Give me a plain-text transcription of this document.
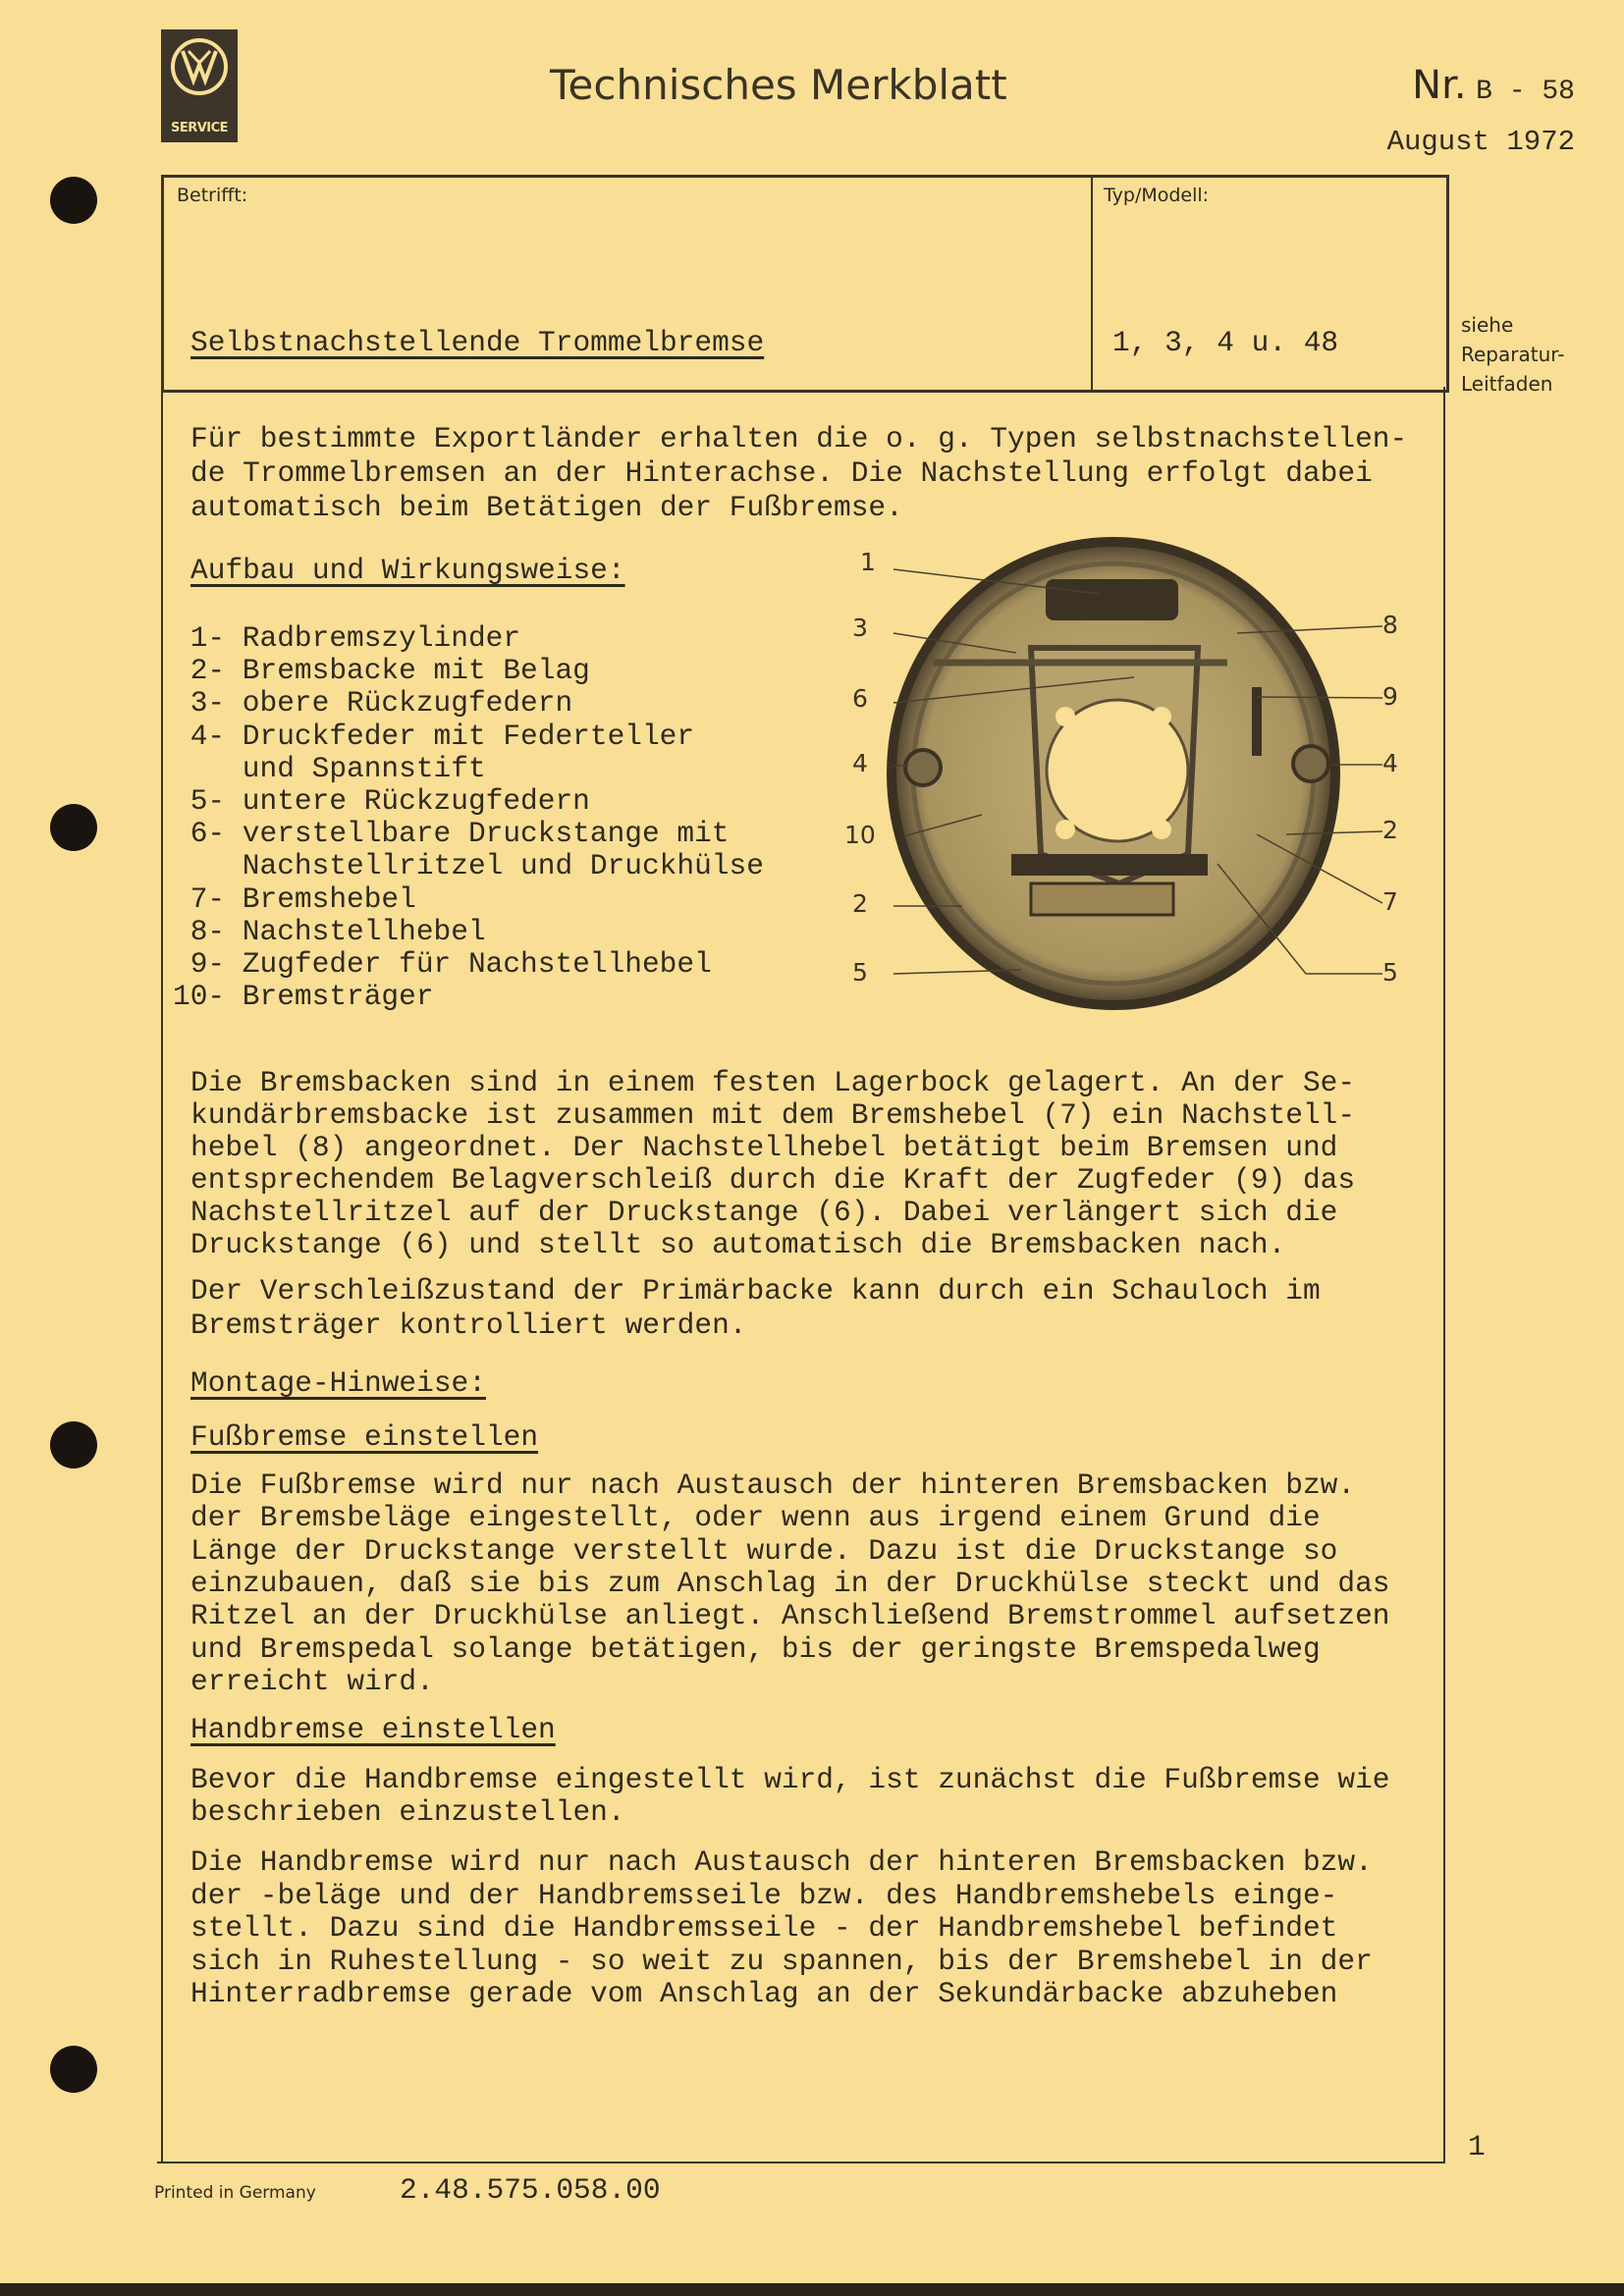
SERVICE
Technisches Merkblatt	Nr. B - 58
August 1972
Betrifft:	Typ/Modell:
Selbstnachstellende Trommelbremse	1, 3, 4 u. 48
siehe
Reparatur-
Leitfaden
Für bestimmte Exportländer erhalten die o. g. Typen selbstnachstellen-
de Trommelbremsen an der Hinterachse. Die Nachstellung erfolgt dabei
automatisch beim Betätigen der Fußbremse.
Aufbau und Wirkungsweise:
1- Radbremszylinder
2- Bremsbacke mit Belag
3- obere Rückzugfedern
4- Druckfeder mit Federteller
und Spannstift
5- untere Rückzugfedern
6- verstellbare Druckstange mit
Nachstellritzel und Druckhülse
7- Bremshebel
8- Nachstellhebel
9- Zugfeder für Nachstellhebel
10- Bremsträger
Die Bremsbacken sind in einem festen Lagerbock gelagert. An der Se-
kundärbremsbacke ist zusammen mit dem Bremshebel (7) ein Nachstell-
hebel (8) angeordnet. Der Nachstellhebel betätigt beim Bremsen und
entsprechendem Belagverschleiß durch die Kraft der Zugfeder (9) das
Nachstellritzel auf der Druckstange (6). Dabei verlängert sich die
Druckstange (6) und stellt so automatisch die Bremsbacken nach.
Der Verschleißzustand der Primärbacke kann durch ein Schauloch im
Bremsträger kontrolliert werden.
Montage-Hinweise:
Fußbremse einstellen
Die Fußbremse wird nur nach Austausch der hinteren Bremsbacken bzw.
der Bremsbeläge eingestellt, oder wenn aus irgend einem Grund die
Länge der Druckstange verstellt wurde. Dazu ist die Druckstange so
einzubauen, daß sie bis zum Anschlag in der Druckhülse steckt und das
Ritzel an der Druckhülse anliegt. Anschließend Bremstrommel aufsetzen
und Bremspedal solange betätigen, bis der geringste Bremspedalweg
erreicht wird.
Handbremse einstellen
Bevor die Handbremse eingestellt wird, ist zunächst die Fußbremse wie
beschrieben einzustellen.
Die Handbremse wird nur nach Austausch der hinteren Bremsbacken bzw.
der -beläge und der Handbremsseile bzw. des Handbremshebels einge-
stellt. Dazu sind die Handbremsseile - der Handbremshebel befindet
sich in Ruhestellung - so weit zu spannen, bis der Bremshebel in der
Hinterradbremse gerade vom Anschlag an der Sekundärbacke abzuheben
1
3
6
4
10
2
5
8
9
4
2
7
5
1
Printed in Germany	2.48.575.058.00
